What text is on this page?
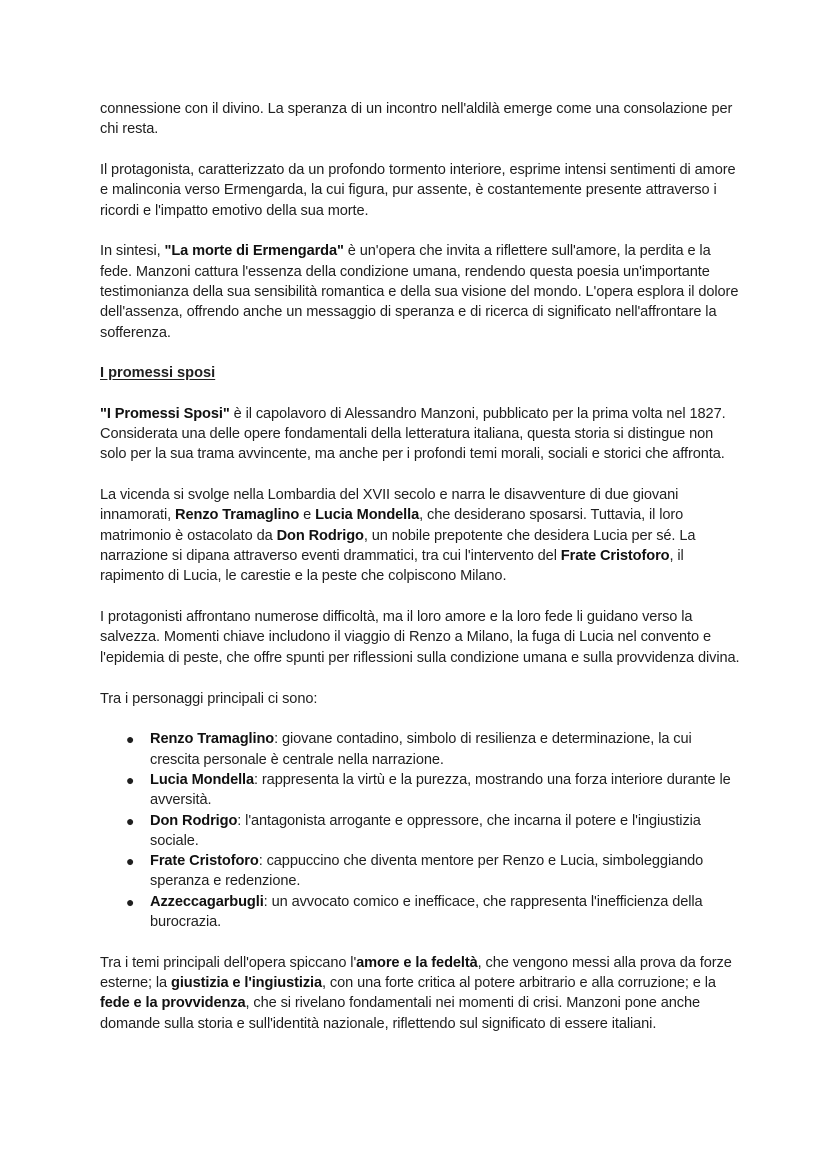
connessione con il divino. La speranza di un incontro nell'aldilà emerge come una consolazione per chi resta.

Il protagonista, caratterizzato da un profondo tormento interiore, esprime intensi sentimenti di amore e malinconia verso Ermengarda, la cui figura, pur assente, è costantemente presente attraverso i ricordi e l'impatto emotivo della sua morte.

In sintesi, "La morte di Ermengarda" è un'opera che invita a riflettere sull'amore, la perdita e la fede. Manzoni cattura l'essenza della condizione umana, rendendo questa poesia un'importante testimonianza della sua sensibilità romantica e della sua visione del mondo. L'opera esplora il dolore dell'assenza, offrendo anche un messaggio di speranza e di ricerca di significato nell'affrontare la sofferenza.

I promessi sposi

"I Promessi Sposi" è il capolavoro di Alessandro Manzoni, pubblicato per la prima volta nel 1827. Considerata una delle opere fondamentali della letteratura italiana, questa storia si distingue non solo per la sua trama avvincente, ma anche per i profondi temi morali, sociali e storici che affronta.

La vicenda si svolge nella Lombardia del XVII secolo e narra le disavventure di due giovani innamorati, Renzo Tramaglino e Lucia Mondella, che desiderano sposarsi. Tuttavia, il loro matrimonio è ostacolato da Don Rodrigo, un nobile prepotente che desidera Lucia per sé. La narrazione si dipana attraverso eventi drammatici, tra cui l'intervento del Frate Cristoforo, il rapimento di Lucia, le carestie e la peste che colpiscono Milano.

I protagonisti affrontano numerose difficoltà, ma il loro amore e la loro fede li guidano verso la salvezza. Momenti chiave includono il viaggio di Renzo a Milano, la fuga di Lucia nel convento e l'epidemia di peste, che offre spunti per riflessioni sulla condizione umana e sulla provvidenza divina.

Tra i personaggi principali ci sono:

● Renzo Tramaglino: giovane contadino, simbolo di resilienza e determinazione, la cui crescita personale è centrale nella narrazione.
● Lucia Mondella: rappresenta la virtù e la purezza, mostrando una forza interiore durante le avversità.
● Don Rodrigo: l'antagonista arrogante e oppressore, che incarna il potere e l'ingiustizia sociale.
● Frate Cristoforo: cappuccino che diventa mentore per Renzo e Lucia, simboleggiando speranza e redenzione.
● Azzeccagarbugli: un avvocato comico e inefficace, che rappresenta l'inefficienza della burocrazia.

Tra i temi principali dell'opera spiccano l'amore e la fedeltà, che vengono messi alla prova da forze esterne; la giustizia e l'ingiustizia, con una forte critica al potere arbitrario e alla corruzione; e la fede e la provvidenza, che si rivelano fondamentali nei momenti di crisi. Manzoni pone anche domande sulla storia e sull'identità nazionale, riflettendo sul significato di essere italiani.
